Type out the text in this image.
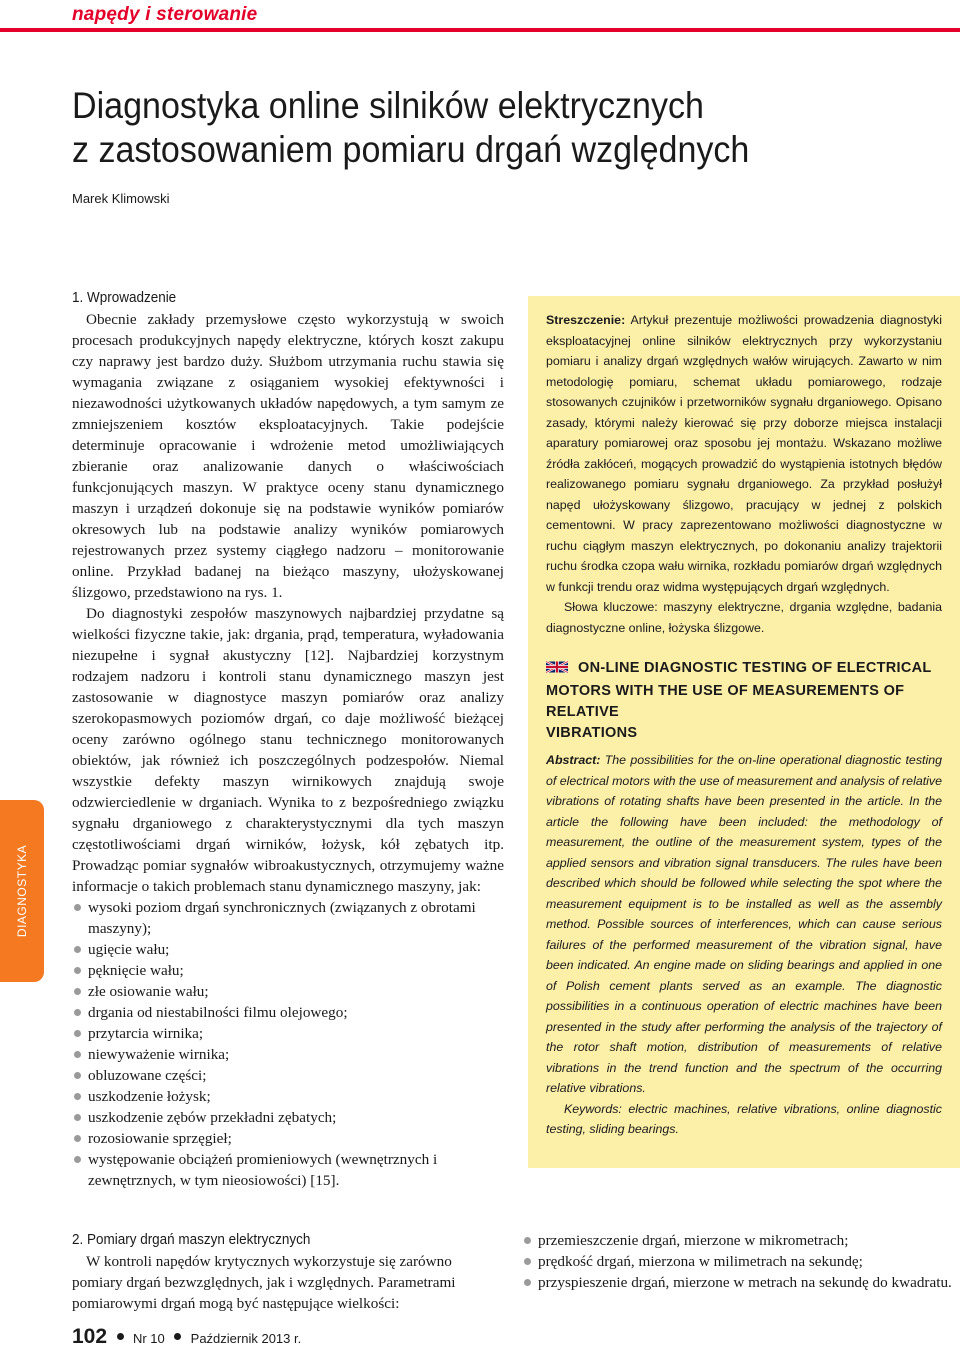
napędy i sterowanie
Diagnostyka online silników elektrycznych
z zastosowaniem pomiaru drgań względnych
Marek Klimowski
DIAGNOSTYKA
1. Wprowadzenie

Obecnie zakłady przemysłowe często wykorzystują w swoich procesach produkcyjnych napędy elektryczne, których koszt zakupu czy naprawy jest bardzo duży. Służbom utrzymania ruchu stawia się wymagania związane z osiąganiem wysokiej efektywności i niezawodności użytkowanych układów napędowych, a tym samym ze zmniejszeniem kosztów eksploatacyjnych. Takie podejście determinuje opracowanie i wdrożenie metod umożliwiających zbieranie oraz analizowanie danych o właściwościach funkcjonujących maszyn. W praktyce oceny stanu dynamicznego maszyn i urządzeń dokonuje się na podstawie wyników pomiarów okresowych lub na podstawie analizy wyników pomiarowych rejestrowanych przez systemy ciągłego nadzoru – monitorowanie online. Przykład badanej na bieżąco maszyny, ułożyskowanej ślizgowo, przedstawiono na rys. 1.

Do diagnostyki zespołów maszynowych najbardziej przydatne są wielkości fizyczne takie, jak: drgania, prąd, temperatura, wyładowania niezupełne i sygnał akustyczny [12]. Najbardziej korzystnym rodzajem nadzoru i kontroli stanu dynamicznego maszyn jest zastosowanie w diagnostyce maszyn pomiarów oraz analizy szerokopasmowych poziomów drgań, co daje możliwość bieżącej oceny zarówno ogólnego stanu technicznego monitorowanych obiektów, jak również ich poszczególnych podzespołów. Niemal wszystkie defekty maszyn wirnikowych znajdują swoje odzwierciedlenie w drganiach. Wynika to z bezpośredniego związku sygnału drganiowego z charakterystycznymi dla tych maszyn częstotliwościami drgań wirników, łożysk, kół zębatych itp. Prowadząc pomiar sygnałów wibroakustycznych, otrzymujemy ważne informacje o takich problemach stanu dynamicznego maszyny, jak:

wysoki poziom drgań synchronicznych (związanych z obrotami maszyny);
ugięcie wału;
pęknięcie wału;
złe osiowanie wału;
drgania od niestabilności filmu olejowego;
przytarcia wirnika;
niewyważenie wirnika;
obluzowane części;
uszkodzenie łożysk;
uszkodzenie zębów przekładni zębatych;
rozosiowanie sprzęgieł;
występowanie obciążeń promieniowych (wewnętrznych i zewnętrznych, w tym nieosiowości) [15].

Streszczenie: Artykuł prezentuje możliwości prowadzenia diagnostyki eksploatacyjnej online silników elektrycznych przy wykorzystaniu pomiaru i analizy drgań względnych wałów wirujących. Zawarto w nim metodologię pomiaru, schemat układu pomiarowego, rodzaje stosowanych czujników i przetworników sygnału drganiowego. Opisano zasady, którymi należy kierować się przy doborze miejsca instalacji aparatury pomiarowej oraz sposobu jej montażu. Wskazano możliwe źródła zakłóceń, mogących prowadzić do wystąpienia istotnych błędów realizowanego pomiaru sygnału drganiowego. Za przykład posłużył napęd ułożyskowany ślizgowo, pracujący w jednej z polskich cementowni. W pracy zaprezentowano możliwości diagnostyczne w ruchu ciągłym maszyn elektrycznych, po dokonaniu analizy trajektorii ruchu środka czopa wału wirnika, rozkładu pomiarów drgań względnych w funkcji trendu oraz widma występujących drgań względnych.

Słowa kluczowe: maszyny elektryczne, drgania względne, badania diagnostyczne online, łożyska ślizgowe.

ON-LINE DIAGNOSTIC TESTING OF ELECTRICAL
MOTORS WITH THE USE OF MEASUREMENTS OF RELATIVE
VIBRATIONS

Abstract: The possibilities for the on-line operational diagnostic testing of electrical motors with the use of measurement and analysis of relative vibrations of rotating shafts have been presented in the article. In the article the following have been included: the methodology of measurement, the outline of the measurement system, types of the applied sensors and vibration signal transducers. The rules have been described which should be followed while selecting the spot where the measurement equipment is to be installed as well as the assembly method. Possible sources of interferences, which can cause serious failures of the performed measurement of the vibration signal, have been indicated. An engine made on sliding bearings and applied in one of Polish cement plants served as an example. The diagnostic possibilities in a continuous operation of electric machines have been presented in the study after performing the analysis of the trajectory of the rotor shaft motion, distribution of measurements of relative vibrations in the trend function and the spectrum of the occurring relative vibrations.

Keywords: electric machines, relative vibrations, online diagnostic testing, sliding bearings.

2. Pomiary drgań maszyn elektrycznych
W kontroli napędów krytycznych wykorzystuje się zarówno pomiary drgań bezwzględnych, jak i względnych. Parametrami pomiarowymi drgań mogą być następujące wielkości:
przemieszczenie drgań, mierzone w mikrometrach;
prędkość drgań, mierzona w milimetrach na sekundę;
przyspieszenie drgań, mierzone w metrach na sekundę do kwadratu.
102 Nr 10 Październik 2013 r.
